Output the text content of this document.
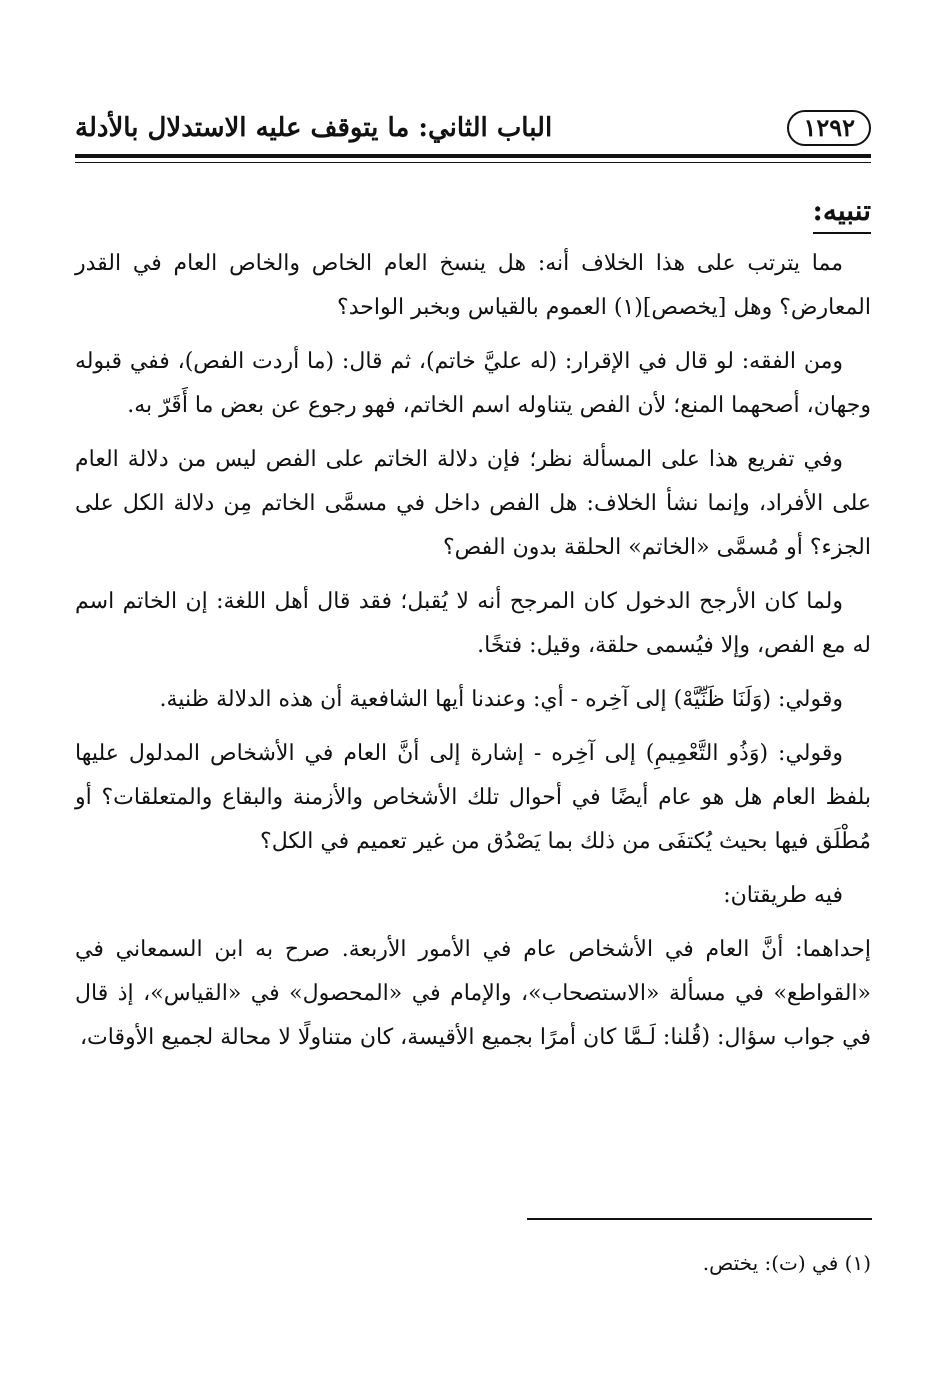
١٢٩٢
الباب الثاني: ما يتوقف عليه الاستدلال بالأدلة
تنبيه:

مما يترتب على هذا الخلاف أنه: هل ينسخ العام الخاص والخاص العام في القدر المعارض؟ وهل [يخصص](١) العموم بالقياس وبخبر الواحد؟

ومن الفقه: لو قال في الإقرار: (له عليَّ خاتم)، ثم قال: (ما أردت الفص)، ففي قبوله وجهان، أصحهما المنع؛ لأن الفص يتناوله اسم الخاتم، فهو رجوع عن بعض ما أَقَرّ به.

وفي تفريع هذا على المسألة نظر؛ فإن دلالة الخاتم على الفص ليس من دلالة العام على الأفراد، وإنما نشأ الخلاف: هل الفص داخل في مسمَّى الخاتم مِن دلالة الكل على الجزء؟ أو مُسمَّى «الخاتم» الحلقة بدون الفص؟

ولما كان الأرجح الدخول كان المرجح أنه لا يُقبل؛ فقد قال أهل اللغة: إن الخاتم اسم له مع الفص، وإلا فيُسمى حلقة، وقيل: فتخًا.

وقولي: (وَلَنَا ظَنِّيَّهْ) إلى آخِره - أي: وعندنا أيها الشافعية أن هذه الدلالة ظنية.

وقولي: (وَذُو التَّعْمِيمِ) إلى آخِره - إشارة إلى أنَّ العام في الأشخاص المدلول عليها بلفظ العام هل هو عام أيضًا في أحوال تلك الأشخاص والأزمنة والبقاع والمتعلقات؟ أو مُطْلَق فيها بحيث يُكتفَى من ذلك بما يَصْدُق من غير تعميم في الكل؟

فيه طريقتان:

إحداهما: أنَّ العام في الأشخاص عام في الأمور الأربعة. صرح به ابن السمعاني في «القواطع» في مسألة «الاستصحاب»، والإمام في «المحصول» في «القياس»، إذ قال في جواب سؤال: (قُلنا: لَـمَّا كان أمرًا بجميع الأقيسة، كان متناولًا لا محالة لجميع الأوقات،

(١) في (ت): يختص.
